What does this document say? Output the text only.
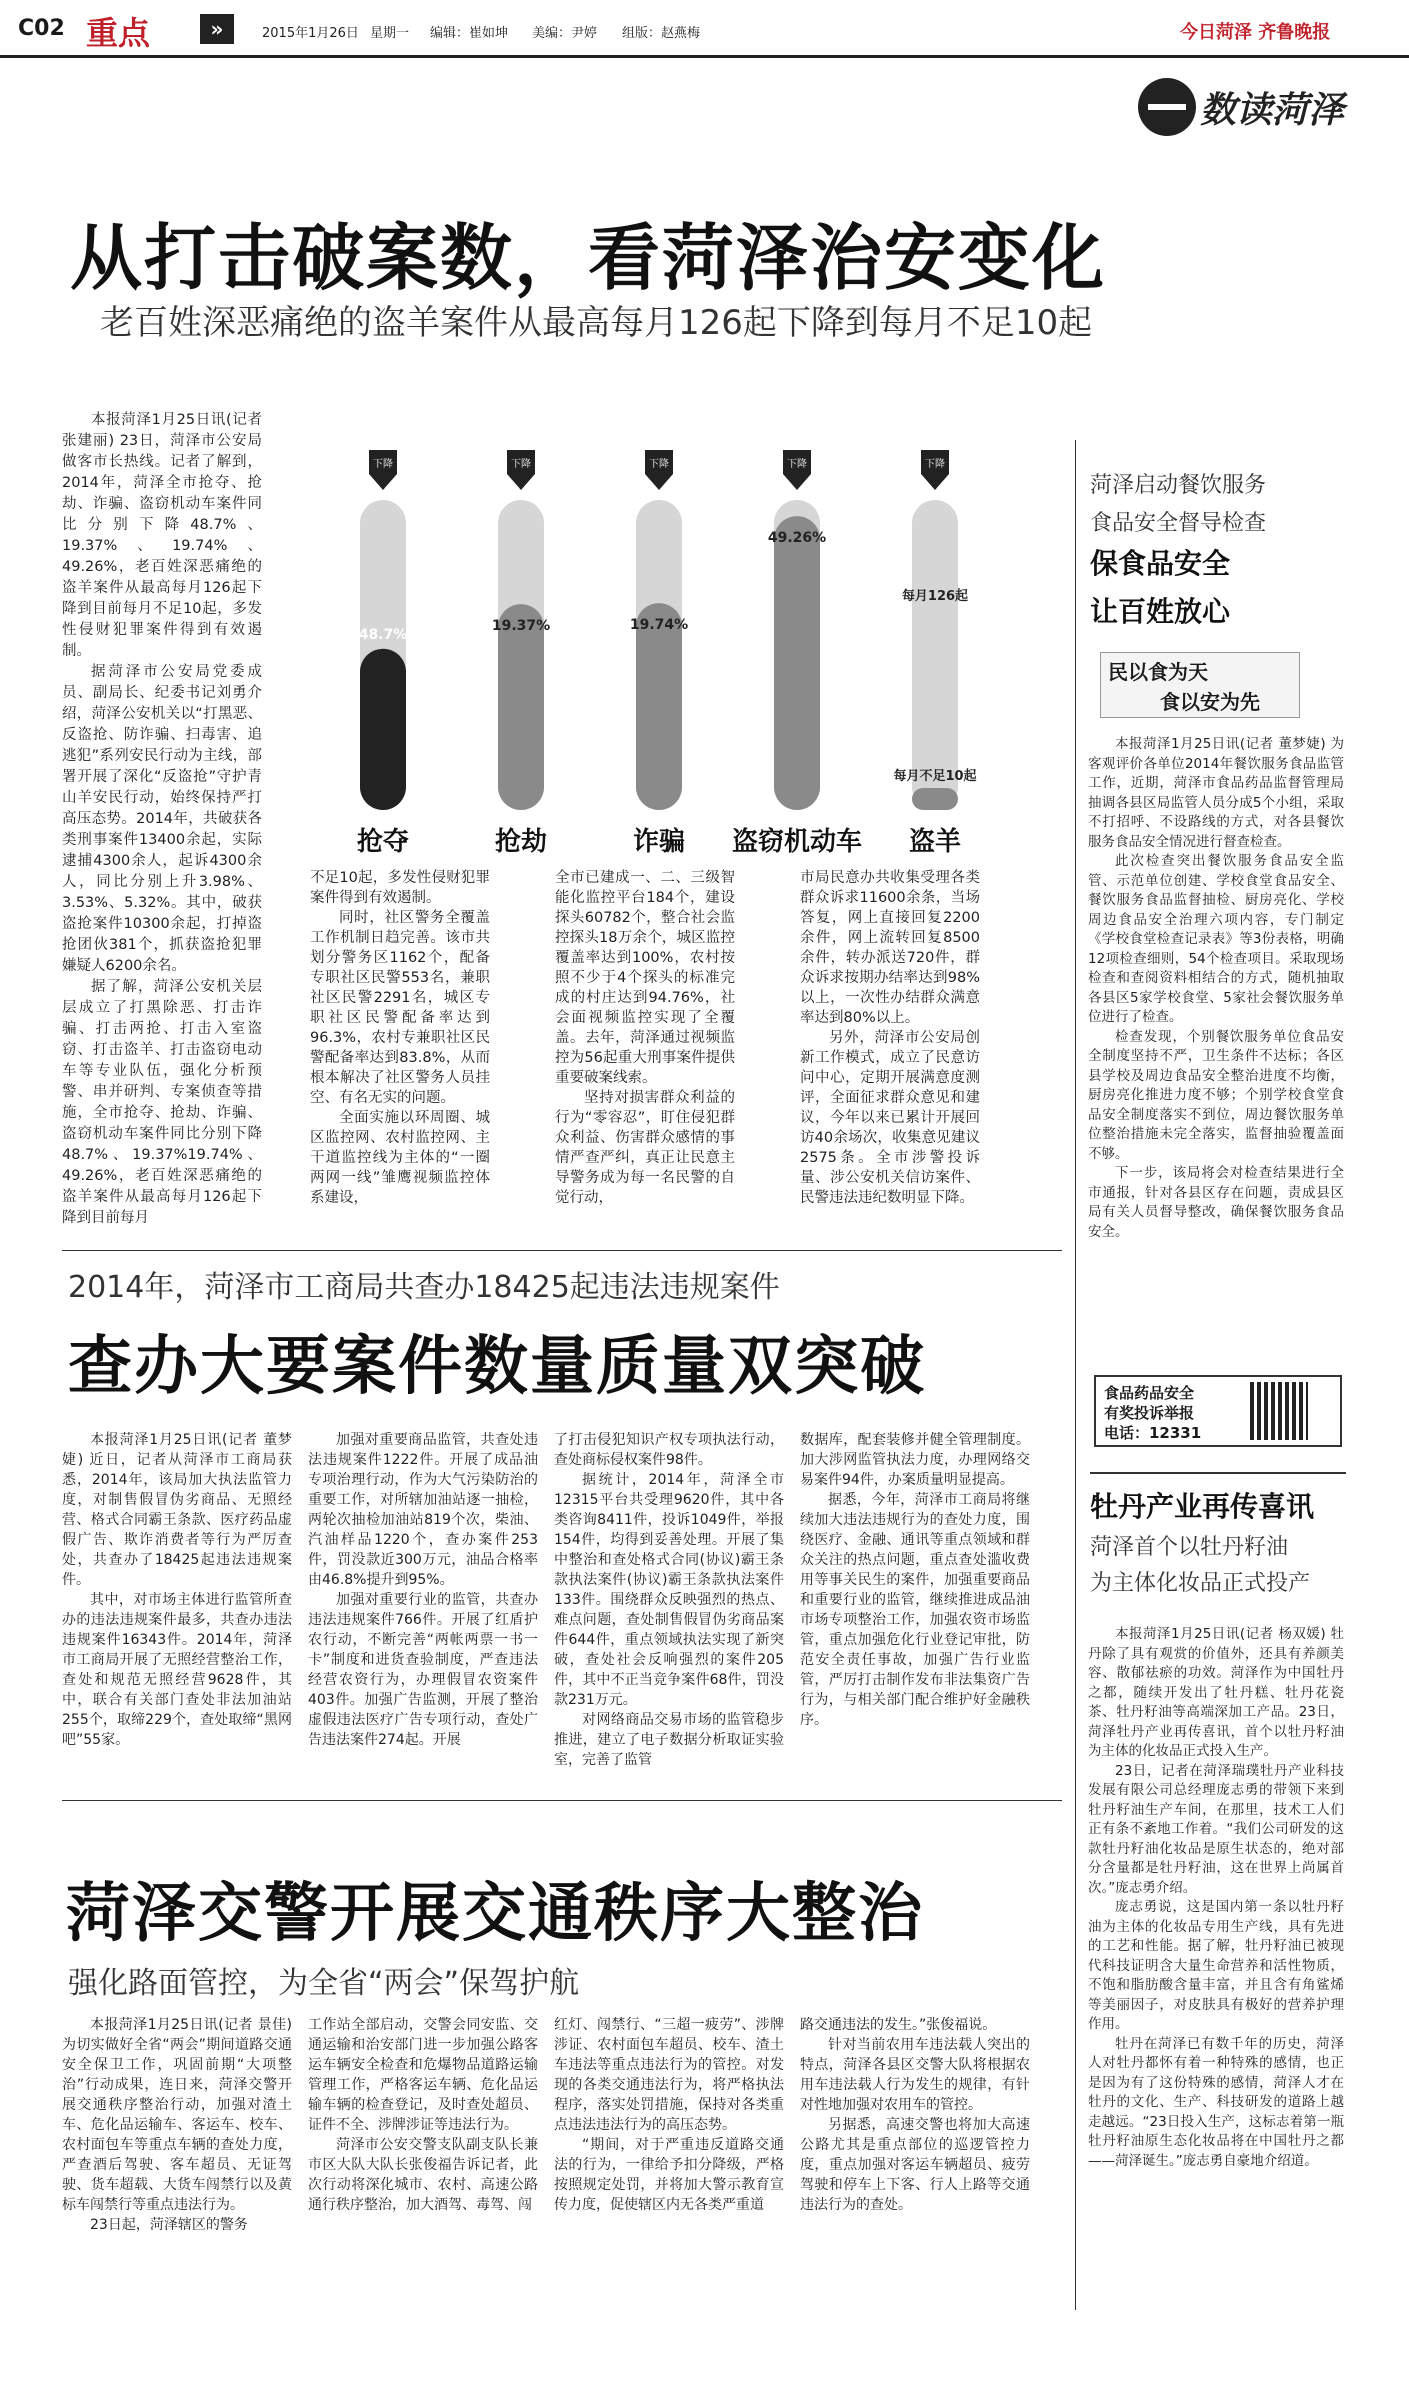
C02 重点	»	2015年1月26日 星期一 编辑：崔如坤 美编：尹婷 组版：赵燕梅	今日菏泽 齐鲁晚报
数读菏泽
从打击破案数，看菏泽治安变化
老百姓深恶痛绝的盗羊案件从最高每月126起下降到每月不足10起

本报菏泽1月25日讯(记者 张建丽) 23日，菏泽市公安局做客市长热线。记者了解到，2014年，菏泽全市抢夺、抢劫、诈骗、盗窃机动车案件同比分别下降48.7%、19.37%、19.74%、49.26%，老百姓深恶痛绝的盗羊案件从最高每月126起下降到目前每月不足10起，多发性侵财犯罪案件得到有效遏制。

据菏泽市公安局党委成员、副局长、纪委书记刘勇介绍，菏泽公安机关以“打黑恶、反盗抢、防诈骗、扫毒害、追逃犯”系列安民行动为主线，部署开展了深化“反盗抢”守护青山羊安民行动，始终保持严打高压态势。2014年，共破获各类刑事案件13400余起，实际逮捕4300余人，起诉4300余人，同比分别上升3.98%、3.53%、5.32%。其中，破获盗抢案件10300余起，打掉盗抢团伙381个，抓获盗抢犯罪嫌疑人6200余名。

据了解，菏泽公安机关层层成立了打黑除恶、打击诈骗、打击两抢、打击入室盗窃、打击盗羊、打击盗窃电动车等专业队伍，强化分析预警、串并研判、专案侦查等措施，全市抢夺、抢劫、诈骗、盗窃机动车案件同比分别下降48.7%、19.37%19.74%、49.26%，老百姓深恶痛绝的盗羊案件从最高每月126起下降到目前每月

下降
48.7%
抢夺
下降
19.37%
抢劫
下降
19.74%
诈骗
下降
49.26%
盗窃机动车
下降
每月126起
每月不足10起
盗羊

不足10起，多发性侵财犯罪案件得到有效遏制。

同时，社区警务全覆盖工作机制日趋完善。该市共划分警务区1162个，配备专职社区民警553名，兼职社区民警2291名，城区专职社区民警配备率达到96.3%，农村专兼职社区民警配备率达到83.8%，从而根本解决了社区警务人员挂空、有名无实的问题。

全面实施以环周圈、城区监控网、农村监控网、主干道监控线为主体的“一圈两网一线”雏鹰视频监控体系建设，

全市已建成一、二、三级智能化监控平台184个，建设探头60782个，整合社会监控探头18万余个，城区监控覆盖率达到100%，农村按照不少于4个探头的标准完成的村庄达到94.76%，社会面视频监控实现了全覆盖。去年，菏泽通过视频监控为56起重大刑事案件提供重要破案线索。

坚持对损害群众利益的行为“零容忍”，盯住侵犯群众利益、伤害群众感情的事情严查严纠，真正让民意主导警务成为每一名民警的自觉行动，

市局民意办共收集受理各类群众诉求11600余条，当场答复，网上直接回复2200余件，网上流转回复8500余件，转办派送720件，群众诉求按期办结率达到98%以上，一次性办结群众满意率达到80%以上。

另外，菏泽市公安局创新工作模式，成立了民意访问中心，定期开展满意度测评，全面征求群众意见和建议，今年以来已累计开展回访40余场次，收集意见建议2575条。全市涉警投诉量、涉公安机关信访案件、民警违法违纪数明显下降。

菏泽启动餐饮服务
食品安全督导检查
保食品安全
让百姓放心
民以食为天
食以安为先

本报菏泽1月25日讯(记者 董梦婕) 为客观评价各单位2014年餐饮服务食品监管工作，近期，菏泽市食品药品监督管理局抽调各县区局监管人员分成5个小组，采取不打招呼、不设路线的方式，对各县餐饮服务食品安全情况进行督查检查。

此次检查突出餐饮服务食品安全监管、示范单位创建、学校食堂食品安全、餐饮服务食品监督抽检、厨房亮化、学校周边食品安全治理六项内容，专门制定《学校食堂检查记录表》等3份表格，明确12项检查细则，54个检查项目。采取现场检查和查阅资料相结合的方式，随机抽取各县区5家学校食堂、5家社会餐饮服务单位进行了检查。

检查发现，个别餐饮服务单位食品安全制度坚持不严，卫生条件不达标；各区县学校及周边食品安全整治进度不均衡，厨房亮化推进力度不够；个别学校食堂食品安全制度落实不到位，周边餐饮服务单位整治措施未完全落实，监督抽验覆盖面不够。

下一步，该局将会对检查结果进行全市通报，针对各县区存在问题，责成县区局有关人员督导整改，确保餐饮服务食品安全。

食品药品安全
有奖投诉举报
电话：12331
2014年，菏泽市工商局共查办18425起违法违规案件
查办大要案件数量质量双突破

本报菏泽1月25日讯(记者 董梦婕) 近日，记者从菏泽市工商局获悉，2014年，该局加大执法监管力度，对制售假冒伪劣商品、无照经营、格式合同霸王条款、医疗药品虚假广告、欺诈消费者等行为严厉查处，共查办了18425起违法违规案件。

其中，对市场主体进行监管所查办的违法违规案件最多，共查办违法违规案件16343件。2014年，菏泽市工商局开展了无照经营整治工作，查处和规范无照经营9628件，其中，联合有关部门查处非法加油站255个，取缔229个，查处取缔“黑网吧”55家。

加强对重要商品监管，共查处违法违规案件1222件。开展了成品油专项治理行动，作为大气污染防治的重要工作，对所辖加油站逐一抽检，两轮次抽检加油站819个次，柴油、汽油样品1220个，查办案件253件，罚没款近300万元，油品合格率由46.8%提升到95%。

加强对重要行业的监管，共查办违法违规案件766件。开展了红盾护农行动，不断完善“两帐两票一书一卡”制度和进货查验制度，严查违法经营农资行为，办理假冒农资案件403件。加强广告监测，开展了整治虚假违法医疗广告专项行动，查处广告违法案件274起。开展

了打击侵犯知识产权专项执法行动，查处商标侵权案件98件。

据统计，2014年，菏泽全市12315平台共受理9620件，其中各类咨询8411件，投诉1049件，举报154件，均得到妥善处理。开展了集中整治和查处格式合同(协议)霸王条款执法案件(协议)霸王条款执法案件133件。围绕群众反映强烈的热点、难点问题，查处制售假冒伪劣商品案件644件，重点领域执法实现了新突破，查处社会反响强烈的案件205件，其中不正当竞争案件68件，罚没款231万元。

对网络商品交易市场的监管稳步推进，建立了电子数据分析取证实验室，完善了监管

数据库，配套装修并健全管理制度。加大涉网监管执法力度，办理网络交易案件94件，办案质量明显提高。

据悉，今年，菏泽市工商局将继续加大违法违规行为的查处力度，围绕医疗、金融、通讯等重点领域和群众关注的热点问题，重点查处滥收费用等事关民生的案件，加强重要商品和重要行业的监管，继续推进成品油市场专项整治工作，加强农资市场监管，重点加强危化行业登记审批，防范安全责任事故，加强广告行业监管，严厉打击制作发布非法集资广告行为，与相关部门配合维护好金融秩序。

牡丹产业再传喜讯
菏泽首个以牡丹籽油
为主体化妆品正式投产

本报菏泽1月25日讯(记者 杨双媛) 牡丹除了具有观赏的价值外，还具有养颜美容、散郁祛瘀的功效。菏泽作为中国牡丹之都，随续开发出了牡丹糕、牡丹花瓷茶、牡丹籽油等高端深加工产品。23日，菏泽牡丹产业再传喜讯，首个以牡丹籽油为主体的化妆品正式投入生产。

23日，记者在菏泽瑞璞牡丹产业科技发展有限公司总经理庞志勇的带领下来到牡丹籽油生产车间，在那里，技术工人们正有条不紊地工作着。“我们公司研发的这款牡丹籽油化妆品是原生状态的，绝对部分含量都是牡丹籽油，这在世界上尚属首次。”庞志勇介绍。

庞志勇说，这是国内第一条以牡丹籽油为主体的化妆品专用生产线，具有先进的工艺和性能。据了解，牡丹籽油已被现代科技证明含大量生命营养和活性物质，不饱和脂肪酸含量丰富，并且含有角鲨烯等美丽因子，对皮肤具有极好的营养护理作用。

牡丹在菏泽已有数千年的历史，菏泽人对牡丹都怀有着一种特殊的感情，也正是因为有了这份特殊的感情，菏泽人才在牡丹的文化、生产、科技研发的道路上越走越远。“23日投入生产，这标志着第一瓶牡丹籽油原生态化妆品将在中国牡丹之都——菏泽诞生。”庞志勇自豪地介绍道。

菏泽交警开展交通秩序大整治
强化路面管控，为全省“两会”保驾护航

本报菏泽1月25日讯(记者 景佳) 为切实做好全省“两会”期间道路交通安全保卫工作，巩固前期“大项整治”行动成果，连日来，菏泽交警开展交通秩序整治行动，加强对渣土车、危化品运输车、客运车、校车、农村面包车等重点车辆的查处力度，严查酒后驾驶、客车超员、无证驾驶、货车超载、大货车闯禁行以及黄标车闯禁行等重点违法行为。

23日起，菏泽辖区的警务

工作站全部启动，交警会同安监、交通运输和治安部门进一步加强公路客运车辆安全检查和危爆物品道路运输管理工作，严格客运车辆、危化品运输车辆的检查登记，及时查处超员、证件不全、涉牌涉证等违法行为。

菏泽市公安交警支队副支队长兼市区大队大队长张俊福告诉记者，此次行动将深化城市、农村、高速公路通行秩序整治，加大酒驾、毒驾、闯

红灯、闯禁行、“三超一疲劳”、涉牌涉证、农村面包车超员、校车、渣土车违法等重点违法行为的管控。对发现的各类交通违法行为，将严格执法程序，落实处罚措施，保持对各类重点违法违法行为的高压态势。

“期间，对于严重违反道路交通法的行为，一律给予扣分降级，严格按照规定处罚，并将加大警示教育宣传力度，促使辖区内无各类严重道

路交通违法的发生。”张俊福说。

针对当前农用车违法载人突出的特点，菏泽各县区交警大队将根据农用车违法载人行为发生的规律，有针对性地加强对农用车的管控。

另据悉，高速交警也将加大高速公路尤其是重点部位的巡逻管控力度，重点加强对客运车辆超员、疲劳驾驶和停车上下客、行人上路等交通违法行为的查处。
